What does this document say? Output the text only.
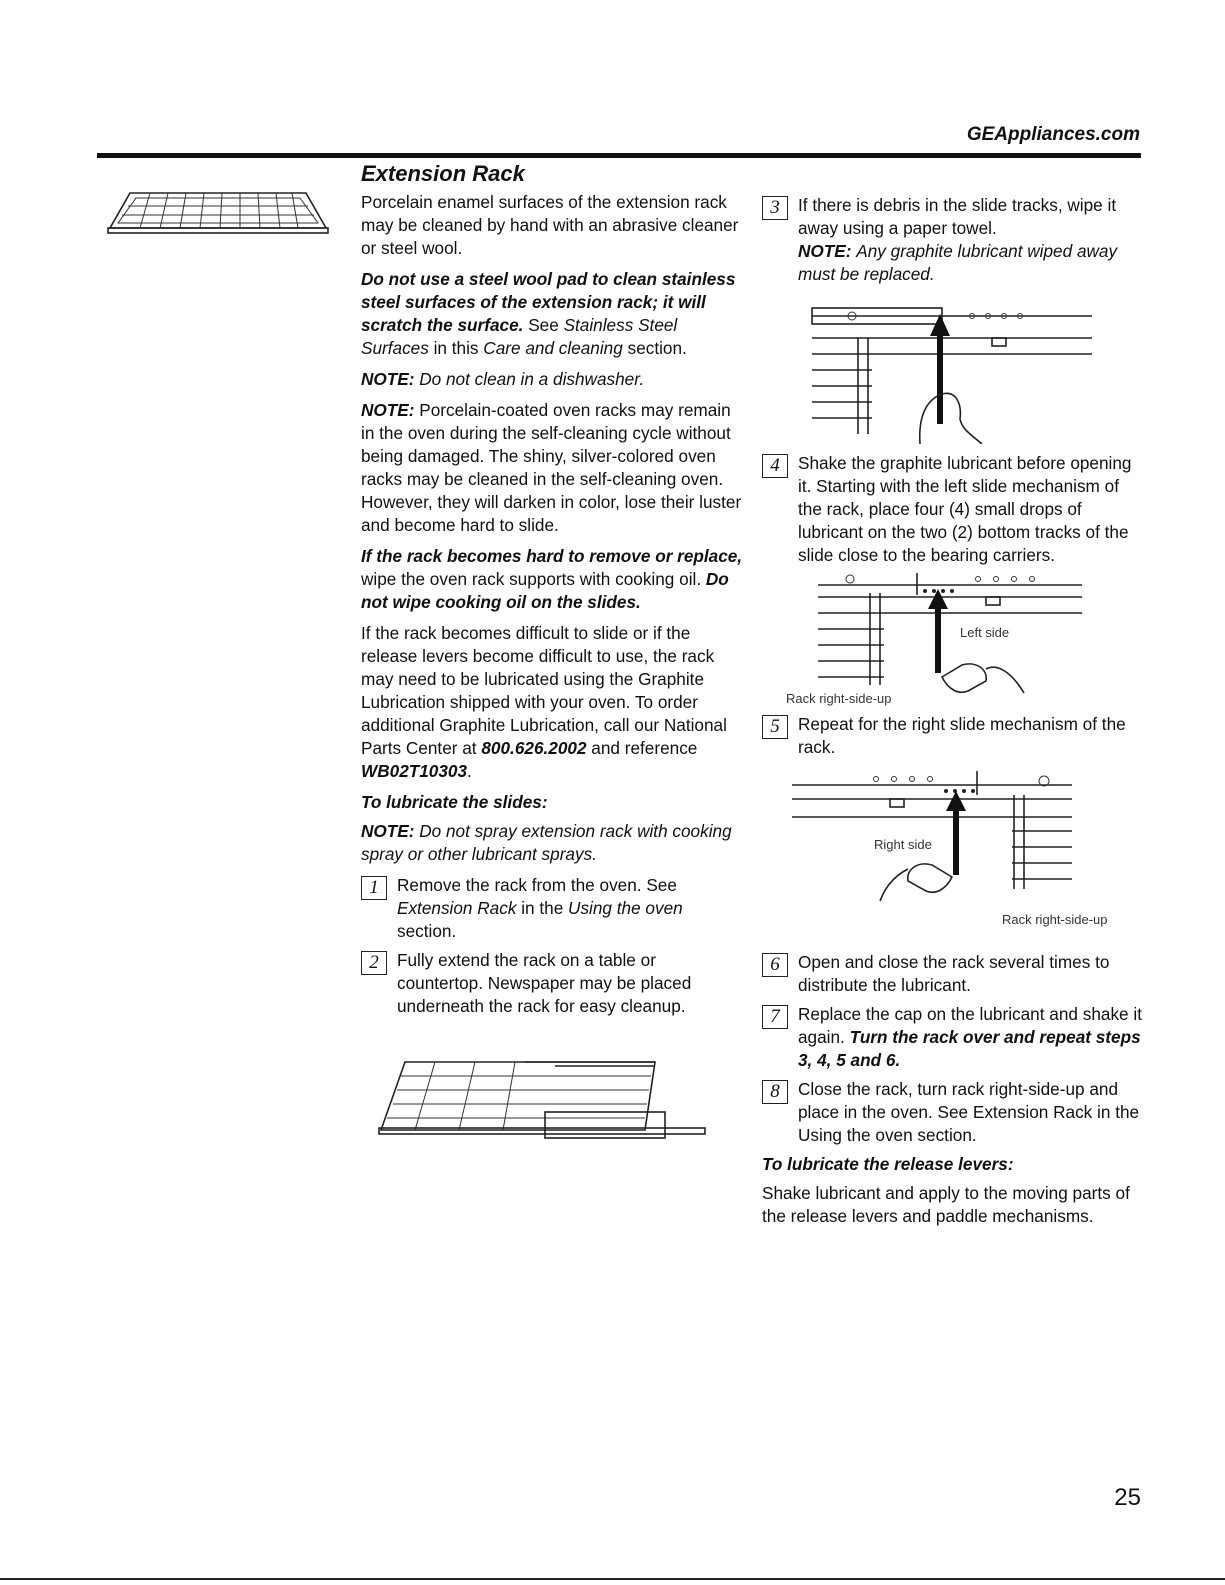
GEAppliances.com
Extension Rack

Porcelain enamel surfaces of the extension rack may be cleaned by hand with an abrasive cleaner or steel wool.

Do not use a steel wool pad to clean stainless steel surfaces of the extension rack; it will scratch the surface. See Stainless Steel Surfaces in this Care and cleaning section.

NOTE: Do not clean in a dishwasher.

NOTE: Porcelain-coated oven racks may remain in the oven during the self-cleaning cycle without being damaged. The shiny, silver-colored oven racks may be cleaned in the self-cleaning oven. However, they will darken in color, lose their luster and become hard to slide.

If the rack becomes hard to remove or replace, wipe the oven rack supports with cooking oil. Do not wipe cooking oil on the slides.

If the rack becomes difficult to slide or if the release levers become difficult to use, the rack may need to be lubricated using the Graphite Lubrication shipped with your oven. To order additional Graphite Lubrication, call our National Parts Center at 800.626.2002 and reference WB02T10303.

To lubricate the slides:

NOTE: Do not spray extension rack with cooking spray or other lubricant sprays.

1	Remove the rack from the oven. See Extension Rack in the Using the oven section.
2	Fully extend the rack on a table or countertop. Newspaper may be placed underneath the rack for easy cleanup.
3	If there is debris in the slide tracks, wipe it away using a paper towel.
NOTE: Any graphite lubricant wiped away must be replaced.
4	Shake the graphite lubricant before opening it. Starting with the left slide mechanism of the rack, place four (4) small drops of lubricant on the two (2) bottom tracks of the slide close to the bearing carriers.
Left side
Rack right-side-up
5	Repeat for the right slide mechanism of the rack.
Right side
Rack right-side-up
6	Open and close the rack several times to distribute the lubricant.
7	Replace the cap on the lubricant and shake it again. Turn the rack over and repeat steps 3, 4, 5 and 6.
8	Close the rack, turn rack right-side-up and place in the oven. See Extension Rack in the Using the oven section.

To lubricate the release levers:

Shake lubricant and apply to the moving parts of the release levers and paddle mechanisms.

25
